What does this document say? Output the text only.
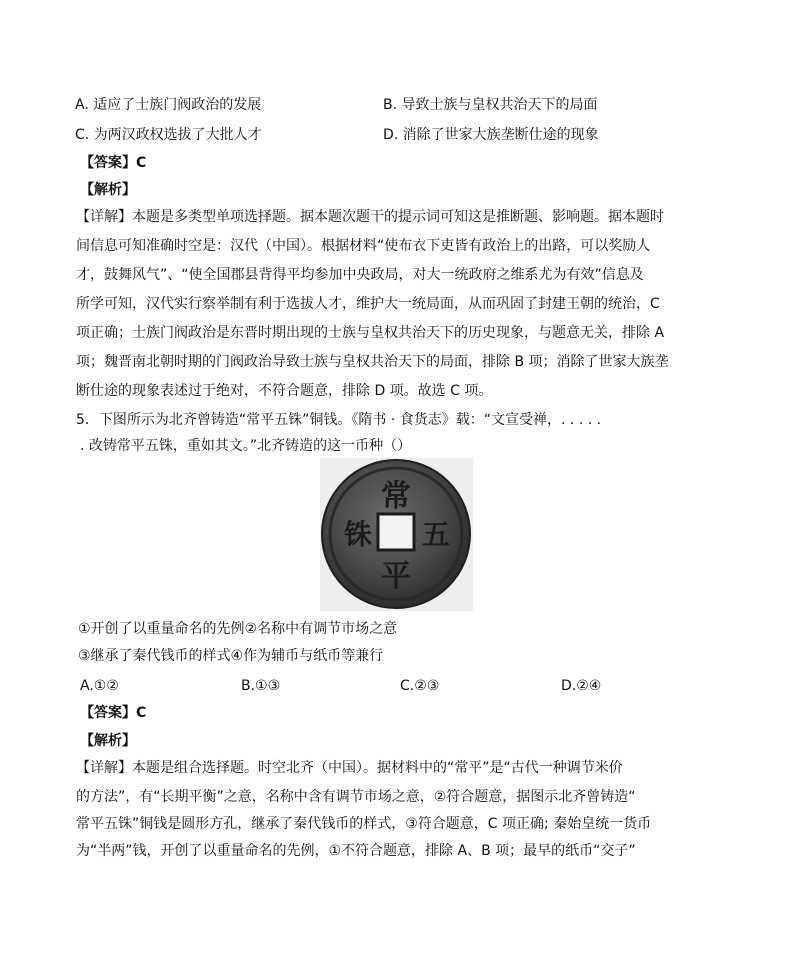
A. 适应了士族门阀政治的发展	B. 导致士族与皇权共治天下的局面
C. 为两汉政权选拔了大批人才	D. 消除了世家大族垄断仕途的现象
【答案】C
【解析】
【详解】本题是多类型单项选择题。据本题次题干的提示词可知这是推断题、影响题。据本题时
间信息可知准确时空是：汉代（中国）。根据材料“使布衣下吏皆有政治上的出路，可以奖励人
才，鼓舞风气”、“使全国郡县背得平均参加中央政局，对大一统政府之维系尤为有效”信息及
所学可知，汉代实行察举制有利于选拔人才，维护大一统局面，从而巩固了封建王朝的统治，C
项正确；士族门阀政治是东晋时期出现的士族与皇权共治天下的历史现象，与题意无关，排除 A
项；魏晋南北朝时期的门阀政治导致士族与皇权共治天下的局面，排除 B 项；消除了世家大族垄
断仕途的现象表述过于绝对，不符合题意，排除 D 项。故选 C 项。
5．下图所示为北齐曾铸造“常平五铢”铜钱。《隋书 · 食货志》载：“文宣受禅，. . . . .
. 改铸常平五铢，重如其文。”北齐铸造的这一币种（）
常
平
五
铢
①开创了以重量命名的先例②名称中有调节市场之意
③继承了秦代钱币的样式④作为辅币与纸币等兼行
A.①②	B.①③	C.②③	D.②④
【答案】C
【解析】
【详解】本题是组合选择题。时空北齐（中国）。据材料中的“常平”是“古代一种调节米价
的方法”，有“长期平衡”之意，名称中含有调节市场之意，②符合题意，据图示北齐曾铸造“
常平五铢”铜钱是圆形方孔，继承了秦代钱币的样式，③符合题意，C 项正确; 秦始皇统一货币
为“半两”钱，开创了以重量命名的先例，①不符合题意，排除 A、B 项；最早的纸币“交子”
